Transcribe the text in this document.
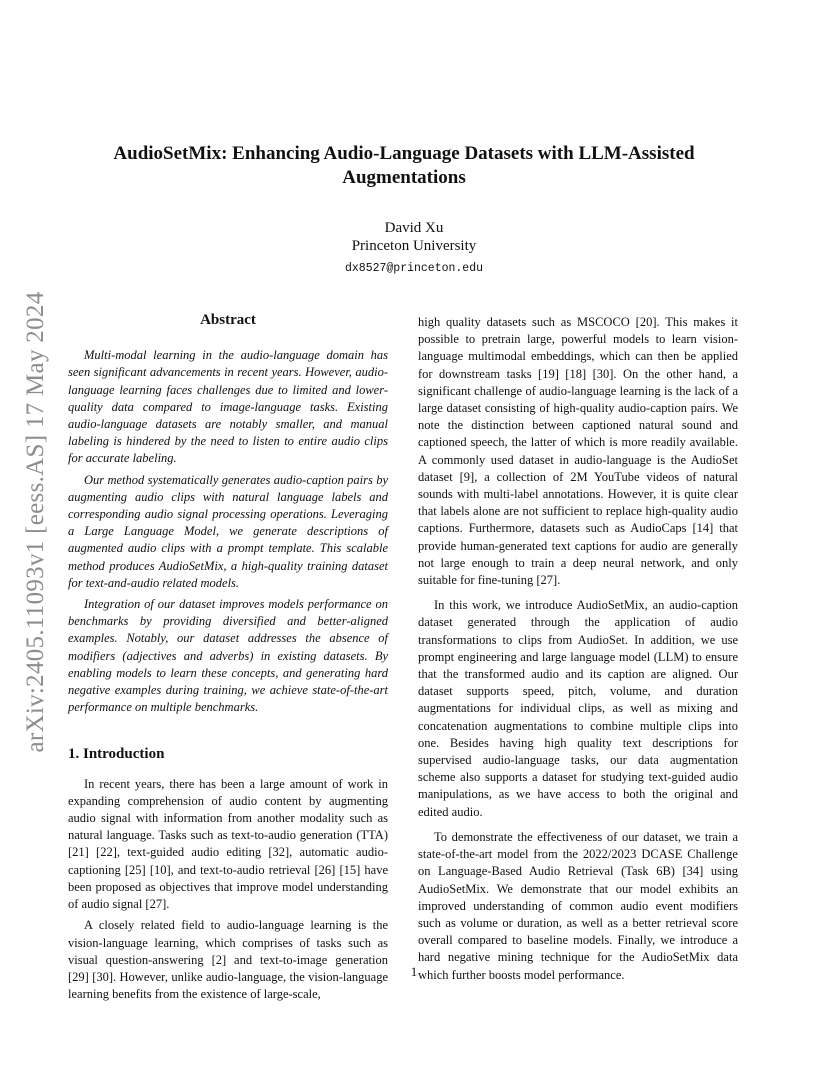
arXiv:2405.11093v1 [eess.AS] 17 May 2024
AudioSetMix: Enhancing Audio-Language Datasets with LLM-Assisted Augmentations
David Xu
Princeton University
dx8527@princeton.edu
Abstract

Multi-modal learning in the audio-language domain has seen significant advancements in recent years. However, audio-language learning faces challenges due to limited and lower-quality data compared to image-language tasks. Existing audio-language datasets are notably smaller, and manual labeling is hindered by the need to listen to entire audio clips for accurate labeling.

Our method systematically generates audio-caption pairs by augmenting audio clips with natural language labels and corresponding audio signal processing operations. Leveraging a Large Language Model, we generate descriptions of augmented audio clips with a prompt template. This scalable method produces AudioSetMix, a high-quality training dataset for text-and-audio related models.

Integration of our dataset improves models performance on benchmarks by providing diversified and better-aligned examples. Notably, our dataset addresses the absence of modifiers (adjectives and adverbs) in existing datasets. By enabling models to learn these concepts, and generating hard negative examples during training, we achieve state-of-the-art performance on multiple benchmarks.

1. Introduction

In recent years, there has been a large amount of work in expanding comprehension of audio content by augmenting audio signal with information from another modality such as natural language. Tasks such as text-to-audio generation (TTA) [21] [22], text-guided audio editing [32], automatic audio-captioning [25] [10], and text-to-audio retrieval [26] [15] have been proposed as objectives that improve model understanding of audio signal [27].

A closely related field to audio-language learning is the vision-language learning, which comprises of tasks such as visual question-answering [2] and text-to-image generation [29] [30]. However, unlike audio-language, the vision-language learning benefits from the existence of large-scale,

high quality datasets such as MSCOCO [20]. This makes it possible to pretrain large, powerful models to learn vision-language multimodal embeddings, which can then be applied for downstream tasks [19] [18] [30]. On the other hand, a significant challenge of audio-language learning is the lack of a large dataset consisting of high-quality audio-caption pairs. We note the distinction between captioned natural sound and captioned speech, the latter of which is more readily available. A commonly used dataset in audio-language is the AudioSet dataset [9], a collection of 2M YouTube videos of natural sounds with multi-label annotations. However, it is quite clear that labels alone are not sufficient to replace high-quality audio captions. Furthermore, datasets such as AudioCaps [14] that provide human-generated text captions for audio are generally not large enough to train a deep neural network, and only suitable for fine-tuning [27].

In this work, we introduce AudioSetMix, an audio-caption dataset generated through the application of audio transformations to clips from AudioSet. In addition, we use prompt engineering and large language model (LLM) to ensure that the transformed audio and its caption are aligned. Our dataset supports speed, pitch, volume, and duration augmentations for individual clips, as well as mixing and concatenation augmentations to combine multiple clips into one. Besides having high quality text descriptions for supervised audio-language tasks, our data augmentation scheme also supports a dataset for studying text-guided audio manipulations, as we have access to both the original and edited audio.

To demonstrate the effectiveness of our dataset, we train a state-of-the-art model from the 2022/2023 DCASE Challenge on Language-Based Audio Retrieval (Task 6B) [34] using AudioSetMix. We demonstrate that our model exhibits an improved understanding of common audio event modifiers such as volume or duration, as well as a better retrieval score overall compared to baseline models. Finally, we introduce a hard negative mining technique for the AudioSetMix data which further boosts model performance.

1
